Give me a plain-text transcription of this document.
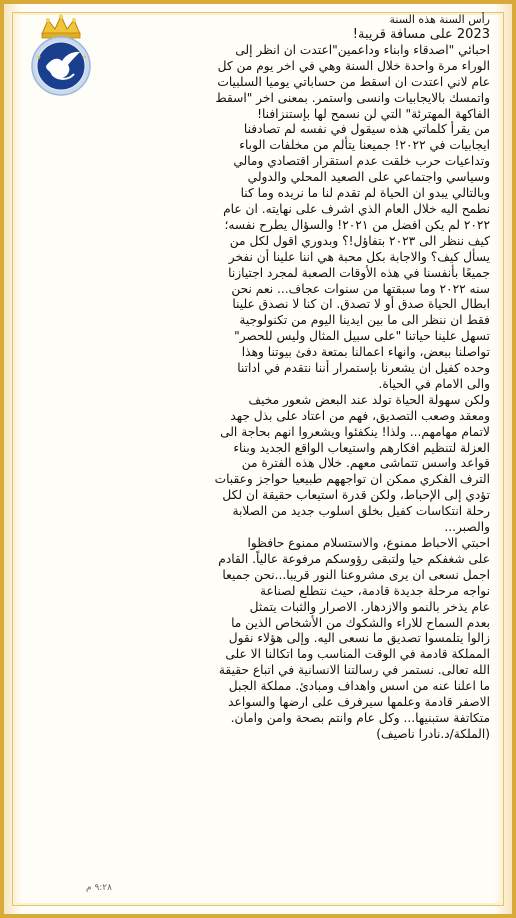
★	★
رأس السنة هذه السنة
2023 على مسافة قريبة!
احبائي "اصدقاء وابناء وداعمين"اعتدت ان انظر إلى
الوراء مرة واحدة خلال السنة وهي في اخر يوم من كل
عام لاني اعتدت ان اسقط من حساباتي يوميا السلبيات
واتمسك بالايجابيات وانسى واستمر. بمعنى اخر "اسقط
الفاكهة المهترئة" التي لن نسمح لها بإستنزافنا!
من يقرأ كلماتي هذه سيقول في نفسه لم تصادفنا
ايجابيات في ٢٠٢٢! جميعنا يتألم من مخلفات الوباء
وتداعيات حرب خلقت عدم استقرار اقتصادي ومالي
وسياسي واجتماعي على الصعيد المحلي والدولي
وبالتالي يبدو ان الحياة لم تقدم لنا ما نريده وما كنا
نطمح اليه خلال العام الذي اشرف على نهايته. ان عام
٢٠٢٢ لم يكن افضل من ٢٠٢١! والسؤال يطرح نفسه؛
كيف ننظر الى ٢٠٢٣ بتفاؤل!؟ وبدوري اقول لكل من
يسأل كيف؟ والاجابة بكل محبة هي اننا علينا أن نفخر
جميعًا بأنفسنا في هذه الأوقات الصعبة لمجرد اجتيازنا
سنه ٢٠٢٢ وما سبقتها من سنوات عجاف... نعم نحن
ابطال الحياة صدق أو لا تصدق. ان كنا لا نصدق علينا
فقط ان ننظر الى ما بين ايدينا اليوم من تكنولوجية
تسهل علينا حياتنا "على سبيل المثال وليس للحصر"
تواصلنا ببعض، وانهاء اعمالنا بمتعة دفئ بيوتنا وهذا
وحده كفيل ان يشعرنا بإستمرار أننا نتقدم في اداتنا
والى الامام في الحياة.
ولكن سهولة الحياة تولد عند البعض شعور مخيف
ومعقد وصعب التصديق، فهم من اعتاد على بذل جهد
لاتمام مهامهم... ولذا! ينكفئوا ويشعروا انهم بحاجة الى
العزلة لتنظيم افكارهم واستيعاب الواقع الجديد وبناء
قواعد واسس تتماشى معهم. خلال هذه الفترة من
الترف الفكري ممكن ان تواجههم طبيعيا حواجز وعقبات
تؤدي إلى الإحباط، ولكن قدرة استيعاب حقيقة ان لكل
رحلة انتكاسات كفيل بخلق اسلوب جديد من الصلابة
والصبر...
احبتي الاحباط ممنوع، والاستسلام ممنوع حافظوا
على شغفكم حيا ولتبقى رؤوسكم مرفوعة عالياً. القادم
اجمل نسعى ان يرى مشروعنا النور قريبا...نحن جميعا
نواجه مرحلة جديدة قادمة، حيث نتطلع لصناعة
عام يذخر بالنمو والازدهار. الاصرار والثبات يتمثل
بعدم السماح للاراء والشكوك من الأشخاص الذين ما
زالوا يتلمسوا تصديق ما نسعى اليه. وإلى هؤلاء نقول
المملكة قادمة في الوقت المناسب وما اتكالنا الا على
الله تعالى. نستمر في رسالتنا الانسانية في اتباع حقيقة
ما اعلنا عنه من اسس واهداف ومبادئ. مملكة الجبل
الاصفر قادمة وعلمها سيرفرف على ارضها والسواعد
متكاتفة ستبنيها... وكل عام وانتم بصحة وامن وامان.
(الملكة/د.نادرا ناصيف)
٩:٢٨ م
